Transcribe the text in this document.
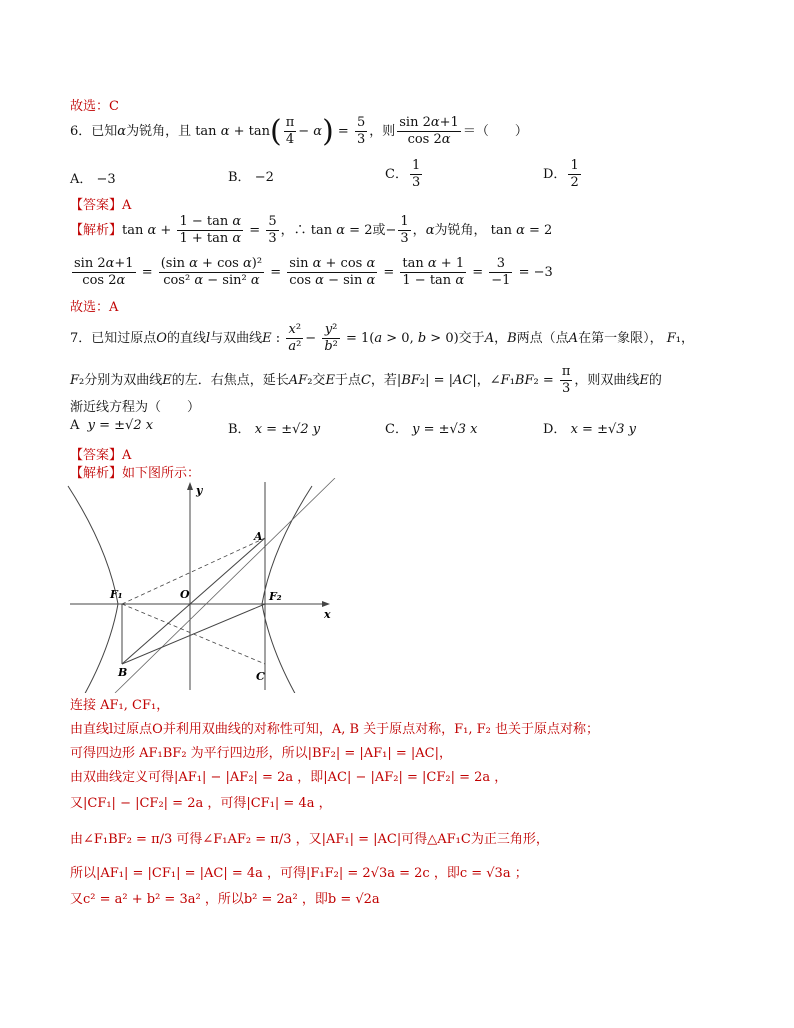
故选：C
6．已知α为锐角，且 $\tan \alpha + \tan( \frac{\pi}{4} - \alpha) = \frac{5}{3}$ ，则 $\frac{\sin 2\alpha+1}{\cos 2\alpha}$ ＝（　　）
A． −3	B． −2	C． $\frac{1}{3}$	D． $\frac{1}{2}$
【答案】A
【解析】$\tan \alpha + \frac{\text{1 − tan α}}{\text{1 + tan α}} = \frac{5}{3}$ ，∴ tan α = 2或− $\frac{1}{3}$ ，α为锐角， tan α = 2
$\frac{\sin 2\alpha+1}{\cos 2\alpha} = \frac{\text{(sin α + cos α)²}}{\text{cos² α − sin² α}} = \frac{\text{sin α + cos α}}{\text{cos α − sin α}} = \frac{\text{tan α + 1}}{\text{1 − tan α}} = \frac{3}{-1} = -3$
故选：A
7．已知过原点O的直线l与双曲线E : $\frac{\text{x²}}{\text{a²}} - \frac{\text{y²}}{\text{b²}} = 1(a > 0$, b > 0)交于A，B两点（点A在第一象限）， F₁，
F₂分别为双曲线E的左．右焦点，延长AF₂交E于点C，若|BF₂| = |AC|，∠F₁BF₂ = $\frac{\pi}{3}$ ，则双曲线E的
渐近线方程为（　　）
A y = ±√2 x	B． x = ±√2 y	C． y = ±√3 x	D． x = ±√3 y
【答案】A
【解析】如下图所示：
y
x
F₁	F₂
O
A
B	C
连接 AF₁, CF₁，
由直线l过原点O并利用双曲线的对称性可知，A, B 关于原点对称，F₁, F₂ 也关于原点对称；
可得四边形 AF₁BF₂ 为平行四边形，所以|BF₂| = |AF₁| = |AC|，
由双曲线定义可得|AF₁| − |AF₂| = 2a ，即|AC| − |AF₂| = |CF₂| = 2a ，
又|CF₁| − |CF₂| = 2a ，可得|CF₁| = 4a ，
由∠F₁BF₂ = π/3 可得∠F₁AF₂ = π/3 ，又|AF₁| = |AC|可得△AF₁C为正三角形，
所以|AF₁| = |CF₁| = |AC| = 4a ，可得|F₁F₂| = 2√3a = 2c ，即c = √3a ；
又c² = a² + b² = 3a² ，所以b² = 2a² ，即b = √2a
